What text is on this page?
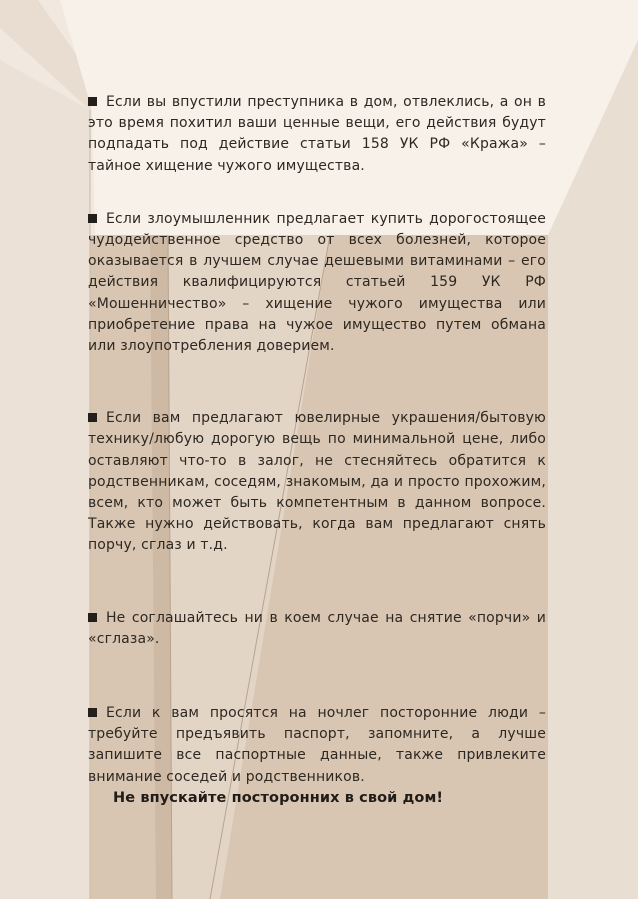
Если вы впустили преступника в дом, отвлеклись, а он в это время похитил ваши ценные вещи, его действия будут подпадать под действие статьи 158 УК РФ «Кража» – тайное хищение чужого имущества.

Если злоумышленник предлагает купить дорогостоящее чудодейственное средство от всех болезней, которое оказывается в лучшем случае дешевыми витаминами – его действия квалифицируются статьей 159 УК РФ «Мошенничество» – хищение чужого имущества или приобретение права на чужое имущество путем обмана или злоупотребления доверием.

Если вам предлагают ювелирные украшения/бытовую технику/любую дорогую вещь по минимальной цене, либо оставляют что-то в залог, не стесняйтесь обратится к родственникам, соседям, знакомым, да и просто прохожим, всем, кто может быть компетентным в данном вопросе. Также нужно действовать, когда вам предлагают снять порчу, сглаз и т.д.

Не соглашайтесь ни в коем случае на снятие «порчи» и «сглаза».

Если к вам просятся на ночлег посторонние люди – требуйте предъявить паспорт, запомните, а лучше запишите все паспортные данные, также привлеките внимание соседей и родственников.

Не впускайте посторонних в свой дом!
